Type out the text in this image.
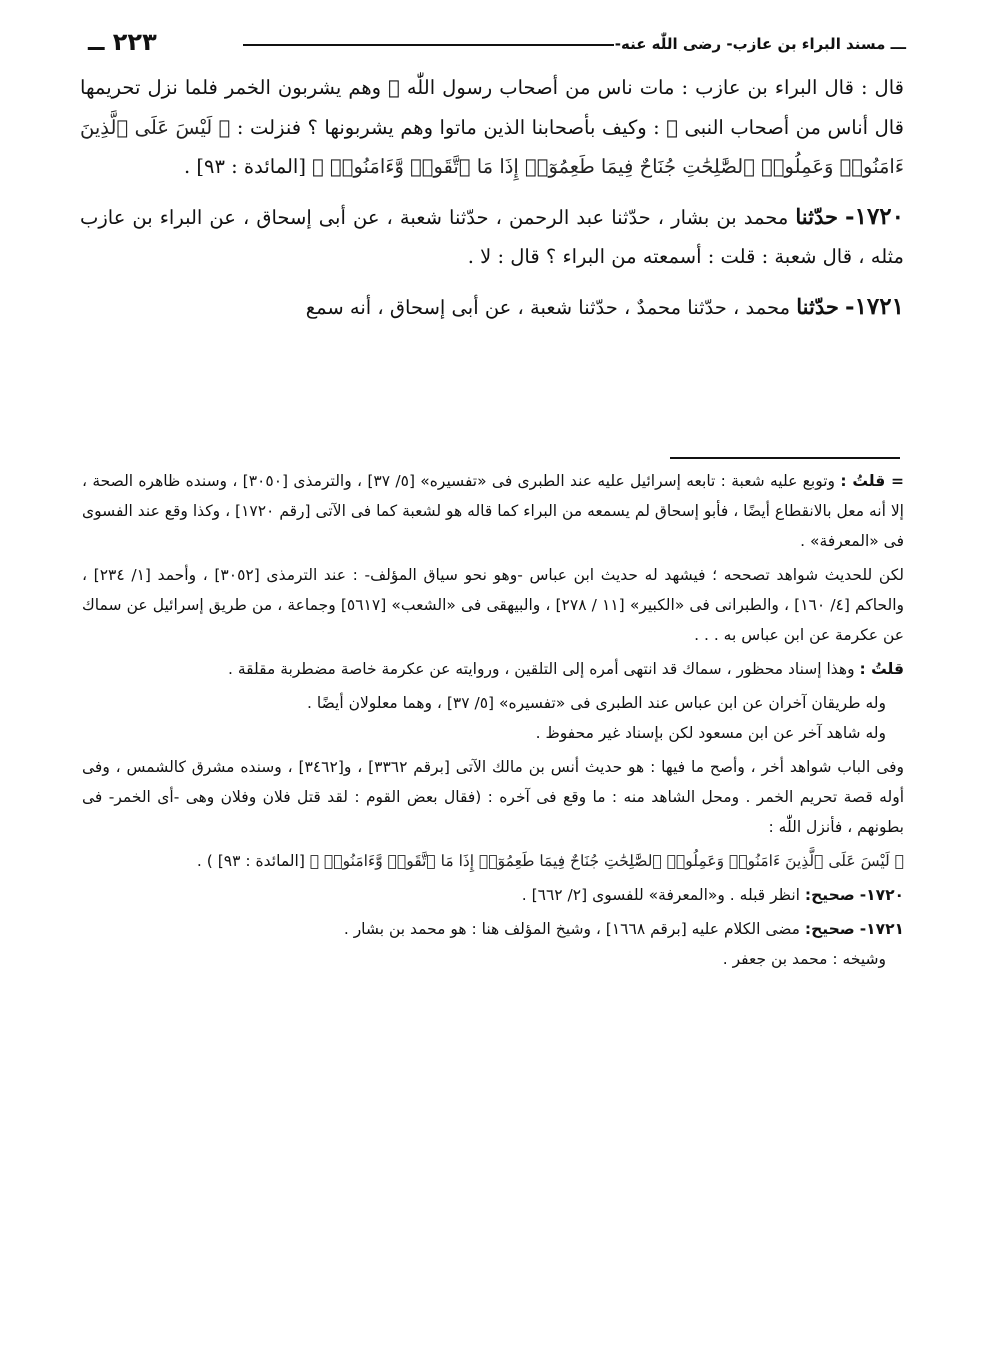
ـــ مسند البراء بن عازب- رضى اللّٰه عنه-
٢٢٣ ــ

قال : قال البراء بن عازب : مات ناس من أصحاب رسول اللّٰه ﷺ وهم يشربون الخمر فلما نزل تحريمها قال أناس من أصحاب النبى ﷺ : وكيف بأصحابنا الذين ماتوا وهم يشربونها ؟ فنزلت : ﴿ لَيْسَ عَلَى ٱلَّذِينَ ءَامَنُوا۟ وَعَمِلُوا۟ ٱلصَّٰلِحَٰتِ جُنَاحٌ فِيمَا طَعِمُوٓا۟ إِذَا مَا ٱتَّقَوا۟ وَّءَامَنُوا۟ ﴾ [المائدة : ٩٣] .

١٧٢٠- حدّثنا محمد بن بشار ، حدّثنا عبد الرحمن ، حدّثنا شعبة ، عن أبى إسحاق ، عن البراء بن عازب مثله ، قال شعبة : قلت : أسمعته من البراء ؟ قال : لا .

١٧٢١- حدّثنا محمد ، حدّثنا محمدٌ ، حدّثنا شعبة ، عن أبى إسحاق ، أنه سمع

= قلتُ : وتوبع عليه شعبة : تابعه إسرائيل عليه عند الطبرى فى «تفسيره» [٥/ ٣٧] ، والترمذى [٣٠٥٠] ، وسنده ظاهره الصحة ، إلا أنه معل بالانقطاع أيضًا ، فأبو إسحاق لم يسمعه من البراء كما قاله هو لشعبة كما فى الآتى [رقم ١٧٢٠] ، وكذا وقع عند الفسوى فى «المعرفة» .

لكن للحديث شواهد تصححه ؛ فيشهد له حديث ابن عباس -وهو نحو سياق المؤلف- : عند الترمذى [٣٠٥٢] ، وأحمد [١/ ٢٣٤] ، والحاكم [٤/ ١٦٠] ، والطبرانى فى «الكبير» [١١ / ٢٧٨] ، والبيهقى فى «الشعب» [٥٦١٧] وجماعة ، من طريق إسرائيل عن سماك عن عكرمة عن ابن عباس به . . .

قلتُ : وهذا إسناد محظور ، سماك قد انتهى أمره إلى التلقين ، وروايته عن عكرمة خاصة مضطربة مقلقة .

وله طريقان آخران عن ابن عباس عند الطبرى فى «تفسيره» [٥/ ٣٧] ، وهما معلولان أيضًا .

وله شاهد آخر عن ابن مسعود لكن بإسناد غير محفوظ .

وفى الباب شواهد أخر ، وأصح ما فيها : هو حديث أنس بن مالك الآتى [برقم ٣٣٦٢] ، و[٣٤٦٢] ، وسنده مشرق كالشمس ، وفى أوله قصة تحريم الخمر . ومحل الشاهد منه : ما وقع فى آخره : (فقال بعض القوم : لقد قتل فلان وفلان وهى -أى الخمر- فى بطونهم ، فأنزل اللّٰه :

﴿ لَيْسَ عَلَى ٱلَّذِينَ ءَامَنُوا۟ وَعَمِلُوا۟ ٱلصَّٰلِحَٰتِ جُنَاحٌ فِيمَا طَعِمُوٓا۟ إِذَا مَا ٱتَّقَوا۟ وَّءَامَنُوا۟ ﴾ [المائدة : ٩٣] ) .

١٧٢٠- صحيح: انظر قبله . و«المعرفة» للفسوى [٢/ ٦٦٢] .

١٧٢١- صحيح: مضى الكلام عليه [برقم ١٦٦٨] ، وشيخ المؤلف هنا : هو محمد بن بشار .

وشيخه : محمد بن جعفر .
